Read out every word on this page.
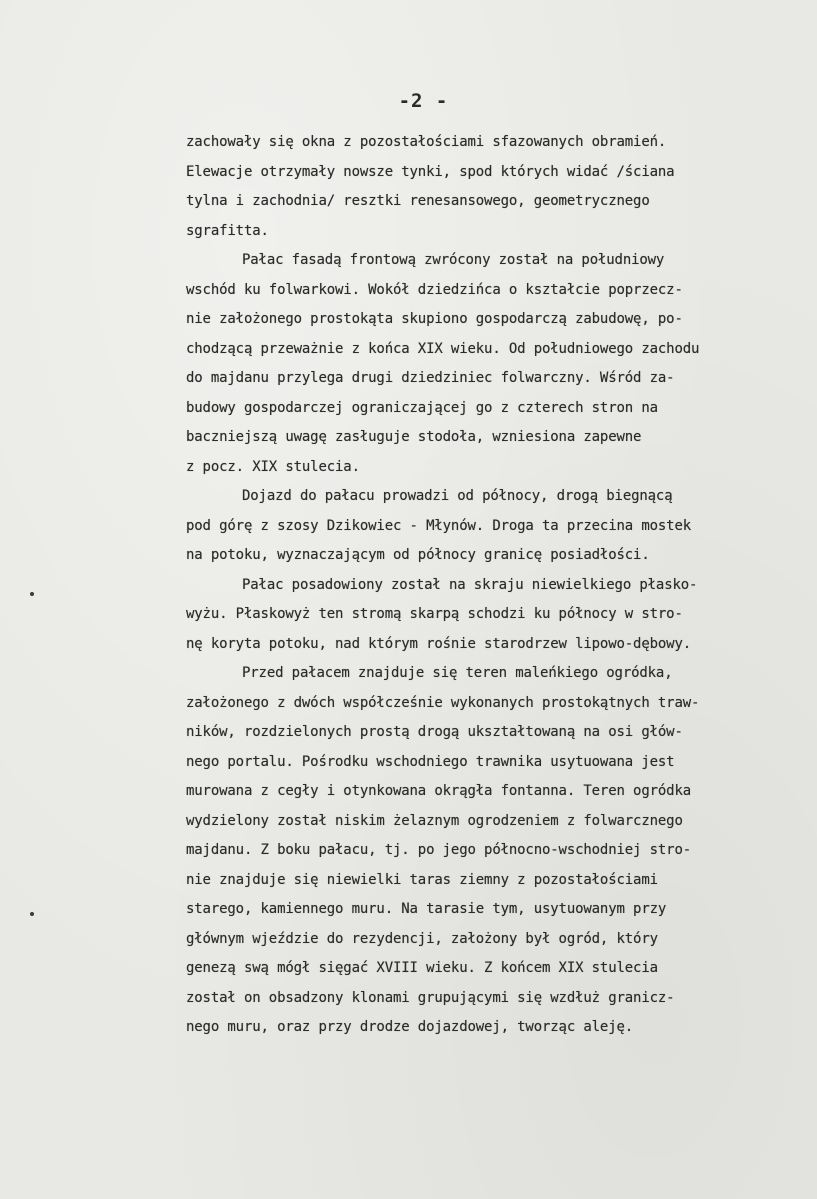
-2 -
zachowały się okna z pozostałościami sfazowanych obramień.
Elewacje otrzymały nowsze tynki, spod których widać /ściana
tylna i zachodnia/ resztki renesansowego, geometrycznego
sgrafitta.
Pałac fasadą frontową zwrócony został na południowy
wschód ku folwarkowi. Wokół dziedzińca o kształcie poprzecz-
nie założonego prostokąta skupiono gospodarczą zabudowę, po-
chodzącą przeważnie z końca XIX wieku. Od południowego zachodu
do majdanu przylega drugi dziedziniec folwarczny. Wśród za-
budowy gospodarczej ograniczającej go z czterech stron na
baczniejszą uwagę zasługuje stodoła, wzniesiona zapewne
z pocz. XIX stulecia.
Dojazd do pałacu prowadzi od północy, drogą biegnącą
pod górę z szosy Dzikowiec - Młynów. Droga ta przecina mostek
na potoku, wyznaczającym od północy granicę posiadłości.
Pałac posadowiony został na skraju niewielkiego płasko-
wyżu. Płaskowyż ten stromą skarpą schodzi ku północy w stro-
nę koryta potoku, nad którym rośnie starodrzew lipowo-dębowy.
Przed pałacem znajduje się teren maleńkiego ogródka,
założonego z dwóch współcześnie wykonanych prostokątnych traw-
ników, rozdzielonych prostą drogą ukształtowaną na osi głów-
nego portalu. Pośrodku wschodniego trawnika usytuowana jest
murowana z cegły i otynkowana okrągła fontanna. Teren ogródka
wydzielony został niskim żelaznym ogrodzeniem z folwarcznego
majdanu. Z boku pałacu, tj. po jego północno-wschodniej stro-
nie znajduje się niewielki taras ziemny z pozostałościami
starego, kamiennego muru. Na tarasie tym, usytuowanym przy
głównym wjeździe do rezydencji, założony był ogród, który
genezą swą mógł sięgać XVIII wieku. Z końcem XIX stulecia
został on obsadzony klonami grupującymi się wzdłuż granicz-
nego muru, oraz przy drodze dojazdowej, tworząc aleję.
